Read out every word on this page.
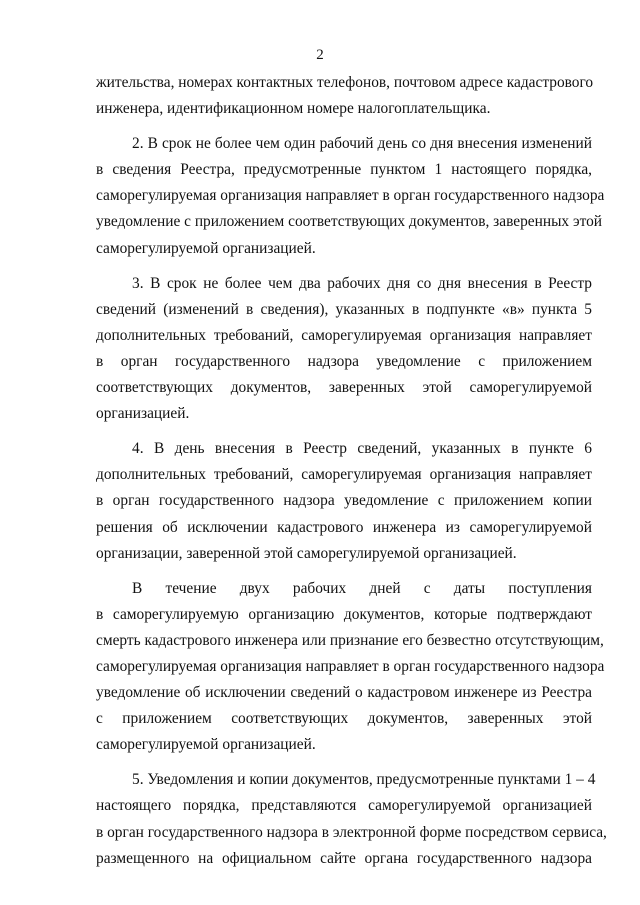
2

жительства, номерах контактных телефонов, почтовом адресе кадастрового
инженера, идентификационном номере налогоплательщика.

2. В срок не более чем один рабочий день со дня внесения изменений
в сведения Реестра, предусмотренные пунктом 1 настоящего порядка,
саморегулируемая организация направляет в орган государственного надзора
уведомление с приложением соответствующих документов, заверенных этой
саморегулируемой организацией.

3. В срок не более чем два рабочих дня со дня внесения в Реестр
сведений (изменений в сведения), указанных в подпункте «в» пункта 5
дополнительных требований, саморегулируемая организация направляет
в орган государственного надзора уведомление с приложением
соответствующих документов, заверенных этой саморегулируемой
организацией.

4. В день внесения в Реестр сведений, указанных в пункте 6
дополнительных требований, саморегулируемая организация направляет
в орган государственного надзора уведомление с приложением копии
решения об исключении кадастрового инженера из саморегулируемой
организации, заверенной этой саморегулируемой организацией.

В течение двух рабочих дней с даты поступления
в саморегулируемую организацию документов, которые подтверждают
смерть кадастрового инженера или признание его безвестно отсутствующим,
саморегулируемая организация направляет в орган государственного надзора
уведомление об исключении сведений о кадастровом инженере из Реестра
с приложением соответствующих документов, заверенных этой
саморегулируемой организацией.

5. Уведомления и копии документов, предусмотренные пунктами 1 – 4
настоящего порядка, представляются саморегулируемой организацией
в орган государственного надзора в электронной форме посредством сервиса,
размещенного на официальном сайте органа государственного надзора
